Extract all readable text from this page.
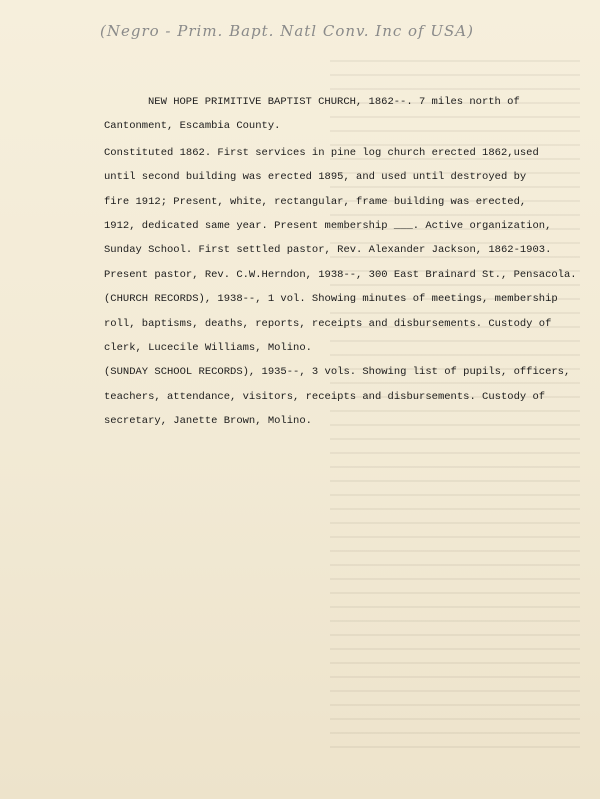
(Negro - Prim. Bapt. Natl Conv. Inc of USA)
NEW HOPE PRIMITIVE BAPTIST CHURCH, 1862--. 7 miles north of
Cantonment, Escambia County.
Constituted 1862. First services in pine log church erected 1862,used
until second building was erected 1895, and used until destroyed by
fire 1912; Present, white, rectangular, frame building was erected,
1912, dedicated same year. Present membership ___. Active organization,
Sunday School. First settled pastor, Rev. Alexander Jackson, 1862-1903.
Present pastor, Rev. C.W.Herndon, 1938--, 300 East Brainard St., Pensacola.
(CHURCH RECORDS), 1938--, 1 vol. Showing minutes of meetings, membership
roll, baptisms, deaths, reports, receipts and disbursements. Custody of
clerk, Lucecile Williams, Molino.
(SUNDAY SCHOOL RECORDS), 1935--, 3 vols. Showing list of pupils, officers,
teachers, attendance, visitors, receipts and disbursements. Custody of
secretary, Janette Brown, Molino.
